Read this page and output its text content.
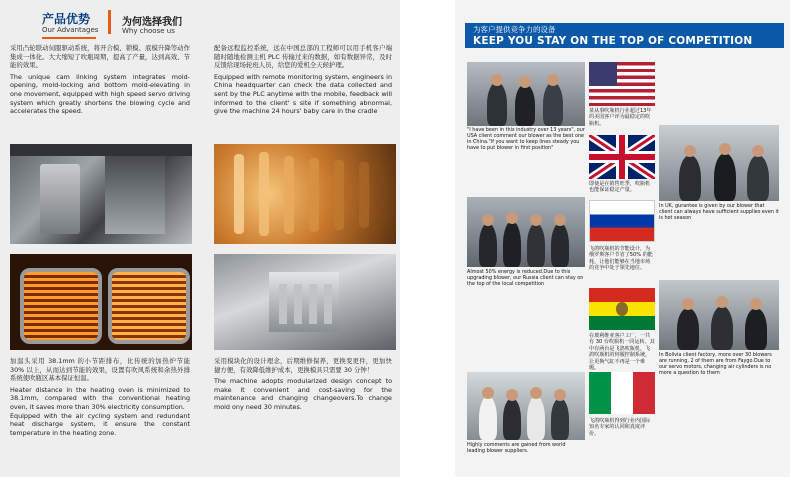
产品优势
Our Advantages
为何选择我们
Why choose us

采用凸轮联动伺服驱动系统，将开合模、锁模、底模升降等动作集成一体化。大大缩短了吹瓶周期，提高了产量，达到高效、节能的效果。

The unique cam linking system integrates mold-opening, mold-locking and bottom mold-elevating in one movement, equipped with high speed servo driving system which greatly shortens the blowing cycle and accelerates the speed.

配备远程监控系统，远在中国总部的工程师可以用手机客户端随时随地检测主机 PLC 传输过来的数据，如有数据异常，及时反馈给现场轮班人员，给您的爱机全天候护理。

Equipped with remote monitoring system, engineers in China headquarter can check the data collected and sent by the PLC anytime with the mobile, feedback will informed to the client' s site if something abnormal, give the machine 24 hours' baby care in the cradle

加温头采用 38.1mm 的小节距排布，比传统的加热炉节能 30% 以上，从而达到节能的效果，设置有吹风系统和余热外排系统使吹瓶区基本保证恒温。

Heater distance in the heating oven is minimized to 38.1mm, compared with the conventional heating oven, it saves more than 30% electricity consumption.

Equipped with the air cycling system and redundant heat discharge system, it ensure the constant temperature in the heating zone.

采用模块化的设计理念，后期维修保养，更换变更件，更加快捷方便，有效降低维护成本，更换模具只需要 30 分钟！

The machine adopts modularized design concept to make it convenient and cost-saving for the maintenance and changing changeovers.To change mold ony need 30 minutes.

为客户提供竞争力的设备
KEEP YOU STAY ON THE TOP OF COMPETITION
"I have been in this industry over 13 years", our USA client comment our blower as the best one in China."If you want to keep lines steady you have to put blower in first position"
某从事吹瓶机行业超过13年的美国客户评为最稳定的吹瓶机。
即使是在销售旺季，吹瓶机也能保证稳定产量。
In UK, gurantee is given by our blower that client can always have sufficient supplies even it is hot season
Almost 50% energy is reduced.Due to this upgrading blower, our Russia client can stay on the top of the local competition
飞鸽吹瓶机的节能设计，为俄罗斯客户节省了50% 的能耗，让他们能够在当地市场的竞争中处于领先地位。
在玻利维亚客户工厂，一共有 30 台吹瓶机一同运转，其中有两台是飞鸽吹瓶机，飞鸽吹瓶机的伺服控制系统，让更换气缸不再是一个难题。
In Bolivia client factory, more over 30 blowers are running, 2 of them are from Faygo.Due to our servo motors, changing air cylinders is no more a question to them
Highly comments are gained from world leading blower suppliers.
飞鸽吹瓶机得到行业内国际知名专家的认同和真度评价。
